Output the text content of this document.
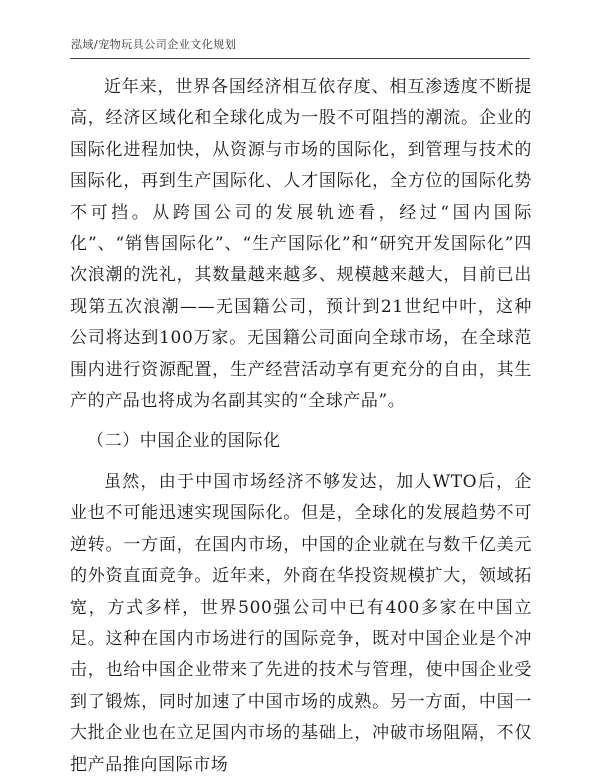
泓域/宠物玩具公司企业文化规划

近年来，世界各国经济相互依存度、相互渗透度不断提高，经济区域化和全球化成为一股不可阻挡的潮流。企业的国际化进程加快，从资源与市场的国际化，到管理与技术的国际化，再到生产国际化、人才国际化，全方位的国际化势不可挡。从跨国公司的发展轨迹看，经过“国内国际化”、“销售国际化”、“生产国际化”和“研究开发国际化”四次浪潮的洗礼，其数量越来越多、规模越来越大，目前已出现第五次浪潮——无国籍公司，预计到21世纪中叶，这种公司将达到100万家。无国籍公司面向全球市场，在全球范围内进行资源配置，生产经营活动享有更充分的自由，其生产的产品也将成为名副其实的“全球产品”。

（二）中国企业的国际化

虽然，由于中国市场经济不够发达，加人WTO后，企业也不可能迅速实现国际化。但是，全球化的发展趋势不可逆转。一方面，在国内市场，中国的企业就在与数千亿美元的外资直面竞争。近年来，外商在华投资规模扩大，领域拓宽，方式多样，世界500强公司中已有400多家在中国立足。这种在国内市场进行的国际竞争，既对中国企业是个冲击，也给中国企业带来了先进的技术与管理，使中国企业受到了锻炼，同时加速了中国市场的成熟。另一方面，中国一大批企业也在立足国内市场的基础上，冲破市场阻隔，不仅把产品推向国际市场
